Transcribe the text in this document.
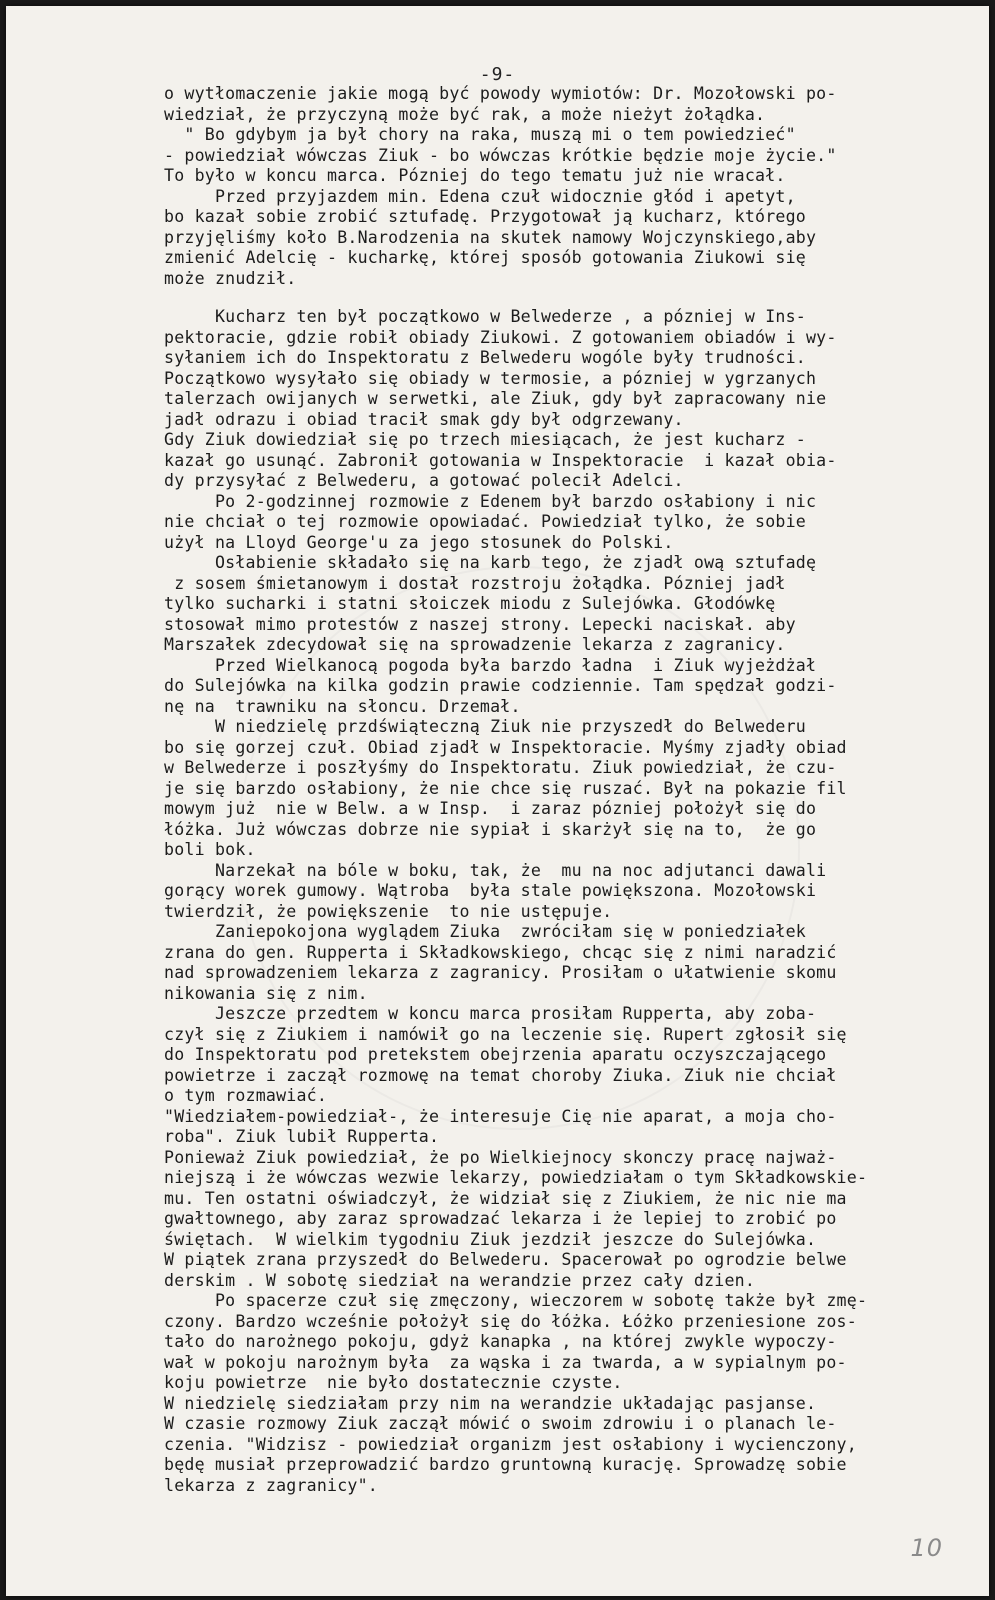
-9-
o wytłomaczenie jakie mogą być powody wymiotów: Dr. Mozołowski po-
wiedział, że przyczyną może być rak, a może nieżyt żołądka.
" Bo gdybym ja był chory na raka, muszą mi o tem powiedzieć"
- powiedział wówczas Ziuk - bo wówczas krótkie będzie moje życie."
To było w koncu marca. Pózniej do tego tematu już nie wracał.
Przed przyjazdem min. Edena czuł widocznie głód i apetyt,
bo kazał sobie zrobić sztufadę. Przygotował ją kucharz, którego
przyjęliśmy koło B.Narodzenia na skutek namowy Wojczynskiego,aby
zmienić Adelcię - kucharkę, której sposób gotowania Ziukowi się
może znudził.
Kucharz ten był początkowo w Belwederze , a pózniej w Ins-
pektoracie, gdzie robił obiady Ziukowi. Z gotowaniem obiadów i wy-
syłaniem ich do Inspektoratu z Belwederu wogóle były trudności.
Początkowo wysyłało się obiady w termosie, a pózniej w ygrzanych
talerzach owijanych w serwetki, ale Ziuk, gdy był zapracowany nie
jadł odrazu i obiad tracił smak gdy był odgrzewany.
Gdy Ziuk dowiedział się po trzech miesiącach, że jest kucharz -
kazał go usunąć. Zabronił gotowania w Inspektoracie  i kazał obia-
dy przysyłać z Belwederu, a gotować polecił Adelci.
Po 2-godzinnej rozmowie z Edenem był barzdo osłabiony i nic
nie chciał o tej rozmowie opowiadać. Powiedział tylko, że sobie
użył na Lloyd George'u za jego stosunek do Polski.
Osłabienie składało się na karb tego, że zjadł ową sztufadę
z sosem śmietanowym i dostał rozstroju żołądka. Pózniej jadł
tylko sucharki i statni słoiczek miodu z Sulejówka. Głodówkę
stosował mimo protestów z naszej strony. Lepecki naciskał. aby
Marszałek zdecydował się na sprowadzenie lekarza z zagranicy.
Przed Wielkanocą pogoda była barzdo ładna  i Ziuk wyjeżdżał
do Sulejówka na kilka godzin prawie codziennie. Tam spędzał godzi-
nę na  trawniku na słoncu. Drzemał.
W niedzielę przdświąteczną Ziuk nie przyszedł do Belwederu
bo się gorzej czuł. Obiad zjadł w Inspektoracie. Myśmy zjadły obiad
w Belwederze i poszłyśmy do Inspektoratu. Ziuk powiedział, że czu-
je się barzdo osłabiony, że nie chce się ruszać. Był na pokazie fil
mowym już  nie w Belw. a w Insp.  i zaraz pózniej położył się do
łóżka. Już wówczas dobrze nie sypiał i skarżył się na to,  że go
boli bok.
Narzekał na bóle w boku, tak, że  mu na noc adjutanci dawali
gorący worek gumowy. Wątroba  była stale powiększona. Mozołowski
twierdził, że powiększenie  to nie ustępuje.
Zaniepokojona wyglądem Ziuka  zwróciłam się w poniedziałek
zrana do gen. Rupperta i Składkowskiego, chcąc się z nimi naradzić
nad sprowadzeniem lekarza z zagranicy. Prosiłam o ułatwienie skomu
nikowania się z nim.
Jeszcze przedtem w koncu marca prosiłam Rupperta, aby zoba-
czył się z Ziukiem i namówił go na leczenie się. Rupert zgłosił się
do Inspektoratu pod pretekstem obejrzenia aparatu oczyszczającego
powietrze i zaczął rozmowę na temat choroby Ziuka. Ziuk nie chciał
o tym rozmawiać.
"Wiedziałem-powiedział-, że interesuje Cię nie aparat, a moja cho-
roba". Ziuk lubił Rupperta.
Ponieważ Ziuk powiedział, że po Wielkiejnocy skonczy pracę najważ-
niejszą i że wówczas wezwie lekarzy, powiedziałam o tym Składkowskie-
mu. Ten ostatni oświadczył, że widział się z Ziukiem, że nic nie ma
gwałtownego, aby zaraz sprowadzać lekarza i że lepiej to zrobić po
świętach.  W wielkim tygodniu Ziuk jezdził jeszcze do Sulejówka.
W piątek zrana przyszedł do Belwederu. Spacerował po ogrodzie belwe
derskim . W sobotę siedział na werandzie przez cały dzien.
Po spacerze czuł się zmęczony, wieczorem w sobotę także był zmę-
czony. Bardzo wcześnie położył się do łóżka. Łóżko przeniesione zos-
tało do narożnego pokoju, gdyż kanapka , na której zwykle wypoczy-
wał w pokoju narożnym była  za wąska i za twarda, a w sypialnym po-
koju powietrze  nie było dostatecznie czyste.
W niedzielę siedziałam przy nim na werandzie układając pasjanse.
W czasie rozmowy Ziuk zaczął mówić o swoim zdrowiu i o planach le-
czenia. "Widzisz - powiedział organizm jest osłabiony i wycienczony,
będę musiał przeprowadzić bardzo gruntowną kurację. Sprowadzę sobie
lekarza z zagranicy".
10
